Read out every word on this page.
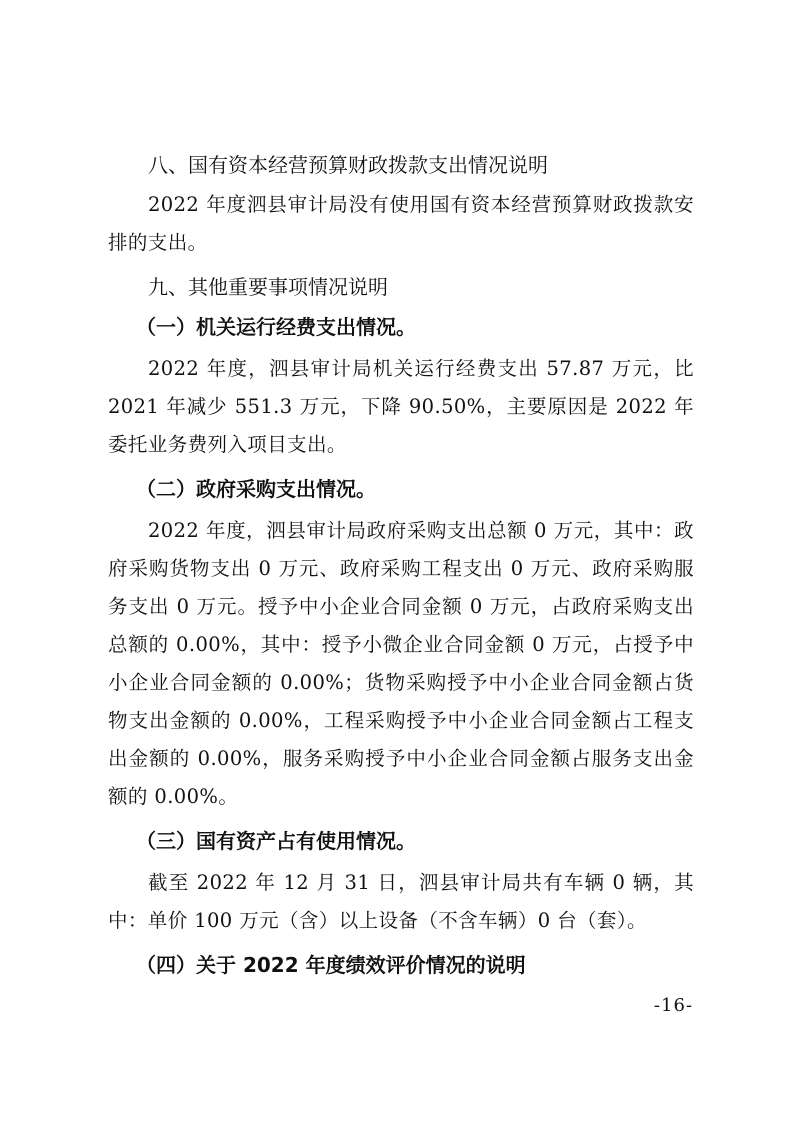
八、国有资本经营预算财政拨款支出情况说明
2022 年度泗县审计局没有使用国有资本经营预算财政拨款安排的支出。
九、其他重要事项情况说明
（一）机关运行经费支出情况。
2022 年度，泗县审计局机关运行经费支出 57.87 万元，比 2021 年减少 551.3 万元，下降 90.50%，主要原因是 2022 年委托业务费列入项目支出。
（二）政府采购支出情况。
2022 年度，泗县审计局政府采购支出总额 0 万元，其中：政府采购货物支出 0 万元、政府采购工程支出 0 万元、政府采购服务支出 0 万元。授予中小企业合同金额 0 万元，占政府采购支出总额的 0.00%，其中：授予小微企业合同金额 0 万元，占授予中小企业合同金额的 0.00%；货物采购授予中小企业合同金额占货物支出金额的 0.00%，工程采购授予中小企业合同金额占工程支出金额的 0.00%，服务采购授予中小企业合同金额占服务支出金额的 0.00%。
（三）国有资产占有使用情况。
截至 2022 年 12 月 31 日，泗县审计局共有车辆 0 辆，其中：单价 100 万元（含）以上设备（不含车辆）0 台（套）。
（四）关于 2022 年度绩效评价情况的说明
-16-
